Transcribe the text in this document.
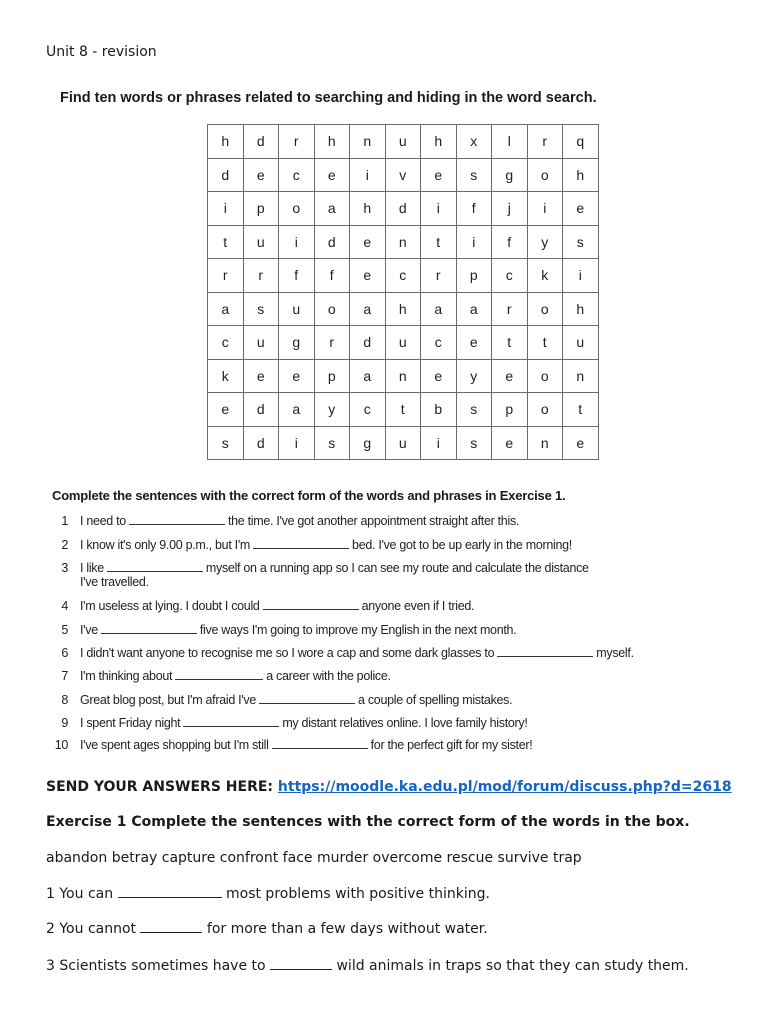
Unit 8 - revision
Find ten words or phrases related to searching and hiding in the word search.
h	d	r	h	n	u	h	x	l	r	q
d	e	c	e	i	v	e	s	g	o	h
i	p	o	a	h	d	i	f	j	i	e
t	u	i	d	e	n	t	i	f	y	s
r	r	f	f	e	c	r	p	c	k	i
a	s	u	o	a	h	a	a	r	o	h
c	u	g	r	d	u	c	e	t	t	u
k	e	e	p	a	n	e	y	e	o	n
e	d	a	y	c	t	b	s	p	o	t
s	d	i	s	g	u	i	s	e	n	e
Complete the sentences with the correct form of the words and phrases in Exercise 1.
1 I need to	the time. I've got another appointment straight after this.
2 I know it's only 9.00 p.m., but I'm	bed. I've got to be up early in the morning!
3 I like	myself on a running app so I can see my route and calculate the distance
I've travelled.
4 I'm useless at lying. I doubt I could	anyone even if I tried.
5 I've	five ways I'm going to improve my English in the next month.
6 I didn't want anyone to recognise me so I wore a cap and some dark glasses to	myself.
7 I'm thinking about	a career with the police.
8 Great blog post, but I'm afraid I've	a couple of spelling mistakes.
9 I spent Friday night	my distant relatives online. I love family history!
10 I've spent ages shopping but I'm still	for the perfect gift for my sister!
SEND YOUR ANSWERS HERE: https://moodle.ka.edu.pl/mod/forum/discuss.php?d=2618
Exercise 1 Complete the sentences with the correct form of the words in the box.
abandon betray capture confront face murder overcome rescue survive trap
1 You can	most problems with positive thinking.
2 You cannot	for more than a few days without water.
3 Scientists sometimes have to	wild animals in traps so that they can study them.
